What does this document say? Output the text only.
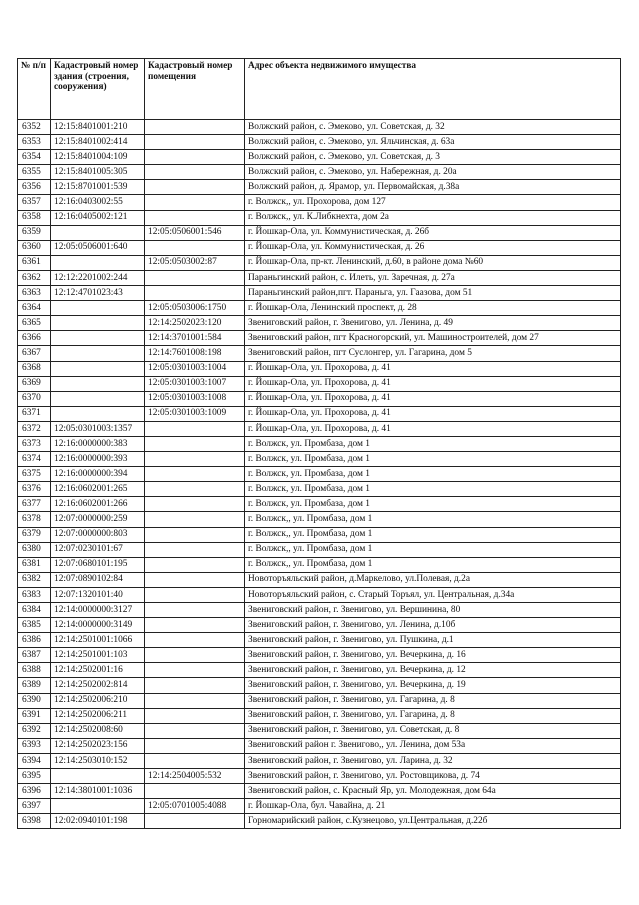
№ п/п	Кадастровый номер здания (строения, сооружения)	Кадастровый номер помещения	Адрес объекта недвижимого имущества
6352	12:15:8401001:210		Волжский район, с. Эмеково, ул. Советская, д. 32
6353	12:15:8401002:414		Волжский район, с. Эмеково, ул. Яльчинская, д. 63а
6354	12:15:8401004:109		Волжский район, с. Эмеково, ул. Советская, д. 3
6355	12:15:8401005:305		Волжский район, с. Эмеково, ул. Набережная, д. 20а
6356	12:15:8701001:539		Волжский район, д. Ярамор, ул. Первомайская, д.38а
6357	12:16:0403002:55		г. Волжск,, ул. Прохорова, дом 127
6358	12:16:0405002:121		г. Волжск,, ул. К.Либкнехта, дом 2а
6359		12:05:0506001:546	г. Йошкар-Ола, ул. Коммунистическая, д. 26б
6360	12:05:0506001:640		г. Йошкар-Ола, ул. Коммунистическая, д. 26
6361		12:05:0503002:87	г. Йошкар-Ола, пр-кт. Ленинский, д.60, в районе дома №60
6362	12:12:2201002:244		Параньгинский район, с. Илеть, ул. Заречная, д. 27а
6363	12:12:4701023:43		Параньгинский район,пгт. Параньга, ул. Гаазова, дом 51
6364		12:05:0503006:1750	г. Йошкар-Ола, Ленинский проспект, д. 28
6365		12:14:2502023:120	Звениговский район, г. Звенигово, ул. Ленина, д. 49
6366		12:14:3701001:584	Звениговский район, пгт Красногорский, ул. Машиностроителей, дом 27
6367		12:14:7601008:198	Звениговский район, пгт Суслонгер, ул. Гагарина, дом 5
6368		12:05:0301003:1004	г. Йошкар-Ола, ул. Прохорова, д. 41
6369		12:05:0301003:1007	г. Йошкар-Ола, ул. Прохорова, д. 41
6370		12:05:0301003:1008	г. Йошкар-Ола, ул. Прохорова, д. 41
6371		12:05:0301003:1009	г. Йошкар-Ола, ул. Прохорова, д. 41
6372	12:05:0301003:1357		г. Йошкар-Ола, ул. Прохорова, д. 41
6373	12:16:0000000:383		г. Волжск, ул. Промбаза, дом 1
6374	12:16:0000000:393		г. Волжск, ул. Промбаза, дом 1
6375	12:16:0000000:394		г. Волжск, ул. Промбаза, дом 1
6376	12:16:0602001:265		г. Волжск, ул. Промбаза, дом 1
6377	12:16:0602001:266		г. Волжск, ул. Промбаза, дом 1
6378	12:07:0000000:259		г. Волжск,, ул. Промбаза, дом 1
6379	12:07:0000000:803		г. Волжск,, ул. Промбаза, дом 1
6380	12:07:0230101:67		г. Волжск,, ул. Промбаза, дом 1
6381	12:07:0680101:195		г. Волжск,, ул. Промбаза, дом 1
6382	12:07:0890102:84		Новоторъяльский район, д.Маркелово, ул.Полевая, д.2а
6383	12:07:1320101:40		Новоторъяльский район, с. Старый Торъял, ул. Центральная, д.34а
6384	12:14:0000000:3127		Звениговский район, г. Звенигово, ул. Вершинина, 80
6385	12:14:0000000:3149		Звениговский район, г. Звенигово, ул. Ленина, д.10б
6386	12:14:2501001:1066		Звениговский район, г. Звенигово, ул. Пушкина, д.1
6387	12:14:2501001:103		Звениговский район, г. Звенигово, ул. Вечеркина, д. 16
6388	12:14:2502001:16		Звениговский район, г. Звенигово, ул. Вечеркина, д. 12
6389	12:14:2502002:814		Звениговский район, г. Звенигово, ул. Вечеркина, д. 19
6390	12:14:2502006:210		Звениговский район, г. Звенигово, ул. Гагарина, д. 8
6391	12:14:2502006:211		Звениговский район, г. Звенигово, ул. Гагарина, д. 8
6392	12:14:2502008:60		Звениговский район, г. Звенигово, ул. Советская, д. 8
6393	12:14:2502023:156		Звениговский район г. Звенигово,, ул. Ленина, дом 53а
6394	12:14:2503010:152		Звениговский район, г. Звенигово, ул. Ларина, д. 32
6395		12:14:2504005:532	Звениговский район, г. Звенигово, ул. Ростовщикова, д. 74
6396	12:14:3801001:1036		Звениговский район, с. Красный Яр, ул. Молодежная, дом 64а
6397		12:05:0701005:4088	г. Йошкар-Ола, бул. Чавайна, д. 21
6398	12:02:0940101:198		Горномарийский район, с.Кузнецово, ул.Центральная, д.22б
